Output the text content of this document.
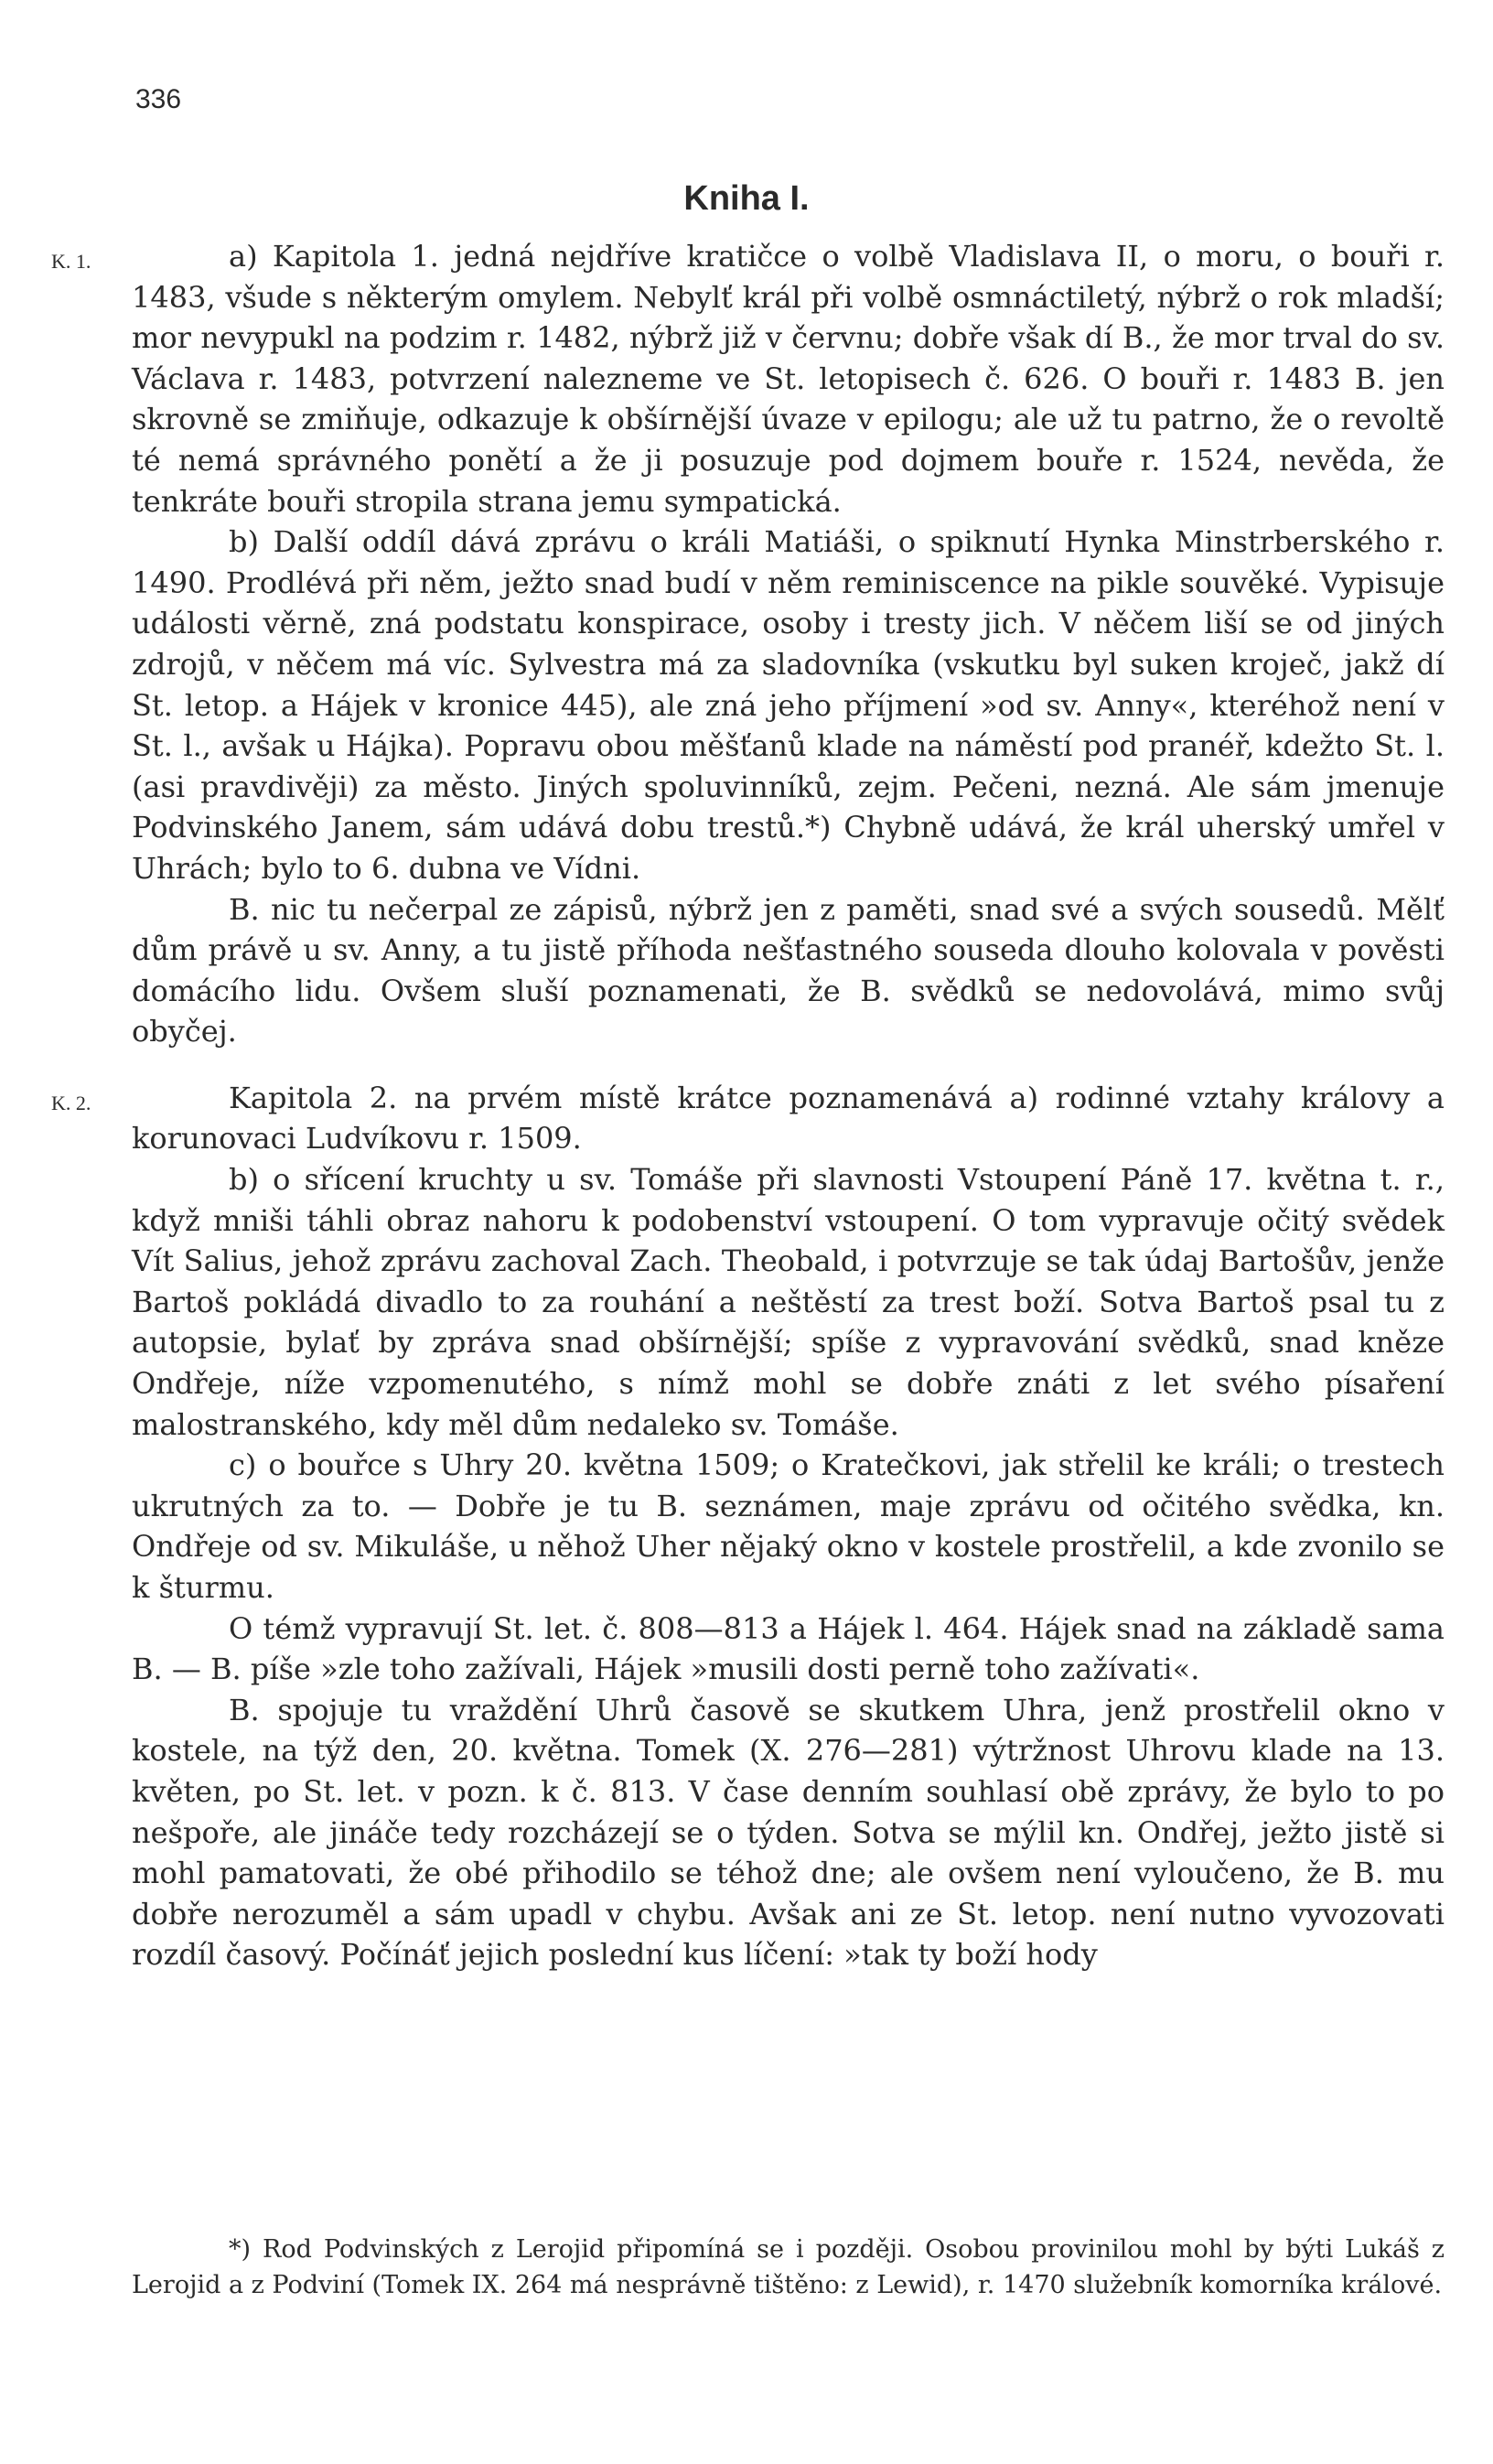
336
Kniha I.

K. 1.	a) Kapitola 1. jedná nejdříve kratičce o volbě Vladislava II, o moru, o bouři r. 1483, všude s některým omylem. Nebylť král při volbě osmnáctiletý, nýbrž o rok mladší; mor nevypukl na podzim r. 1482, nýbrž již v červnu; dobře však dí B., že mor trval do sv. Václava r. 1483, potvrzení nalezneme ve St. letopisech č. 626. O bouři r. 1483 B. jen skrovně se zmiňuje, odkazuje k obšírnější úvaze v epilogu; ale už tu patrno, že o revoltě té nemá správného ponětí a že ji posuzuje pod dojmem bouře r. 1524, nevěda, že tenkráte bouři stropila strana jemu sympatická.

b) Další oddíl dává zprávu o králi Matiáši, o spiknutí Hynka Minstrberského r. 1490. Prodlévá při něm, ježto snad budí v něm reminiscence na pikle souvěké. Vypisuje události věrně, zná podstatu konspirace, osoby i tresty jich. V něčem liší se od jiných zdrojů, v něčem má víc. Sylvestra má za sladovníka (vskutku byl suken kroječ, jakž dí St. letop. a Hájek v kronice 445), ale zná jeho příjmení »od sv. Anny«, kteréhož není v St. l., avšak u Hájka). Popravu obou měšťanů klade na náměstí pod pranéř, kdežto St. l. (asi pravdivěji) za město. Jiných spoluvinníků, zejm. Pečeni, nezná. Ale sám jmenuje Podvinského Janem, sám udává dobu trestů.*) Chybně udává, že král uherský umřel v Uhrách; bylo to 6. dubna ve Vídni.

B. nic tu nečerpal ze zápisů, nýbrž jen z paměti, snad své a svých sousedů. Mělť dům právě u sv. Anny, a tu jistě příhoda nešťastného souseda dlouho kolovala v pověsti domácího lidu. Ovšem sluší poznamenati, že B. svědků se nedovolává, mimo svůj obyčej.

K. 2.	Kapitola 2. na prvém místě krátce poznamenává a) rodinné vztahy královy a korunovaci Ludvíkovu r. 1509.

b) o sřícení kruchty u sv. Tomáše při slavnosti Vstoupení Páně 17. května t. r., když mniši táhli obraz nahoru k podobenství vstoupení. O tom vypravuje očitý svědek Vít Salius, jehož zprávu zachoval Zach. Theobald, i potvrzuje se tak údaj Bartošův, jenže Bartoš pokládá divadlo to za rouhání a neštěstí za trest boží. Sotva Bartoš psal tu z autopsie, bylať by zpráva snad obšírnější; spíše z vypravování svědků, snad kněze Ondřeje, níže vzpomenutého, s nímž mohl se dobře znáti z let svého písaření malostranského, kdy měl dům nedaleko sv. Tomáše.

c) o bouřce s Uhry 20. května 1509; o Kratečkovi, jak střelil ke králi; o trestech ukrutných za to. — Dobře je tu B. seznámen, maje zprávu od očitého svědka, kn. Ondřeje od sv. Mikuláše, u něhož Uher nějaký okno v kostele prostřelil, a kde zvonilo se k šturmu.

O témž vypravují St. let. č. 808—813 a Hájek l. 464. Hájek snad na základě sama B. — B. píše »zle toho zažívali, Hájek »musili dosti perně toho zažívati«.

B. spojuje tu vraždění Uhrů časově se skutkem Uhra, jenž prostřelil okno v kostele, na týž den, 20. května. Tomek (X. 276—281) výtržnost Uhrovu klade na 13. květen, po St. let. v pozn. k č. 813. V čase denním souhlasí obě zprávy, že bylo to po nešpoře, ale jináče tedy rozcházejí se o týden. Sotva se mýlil kn. Ondřej, ježto jistě si mohl pamatovati, že obé přihodilo se téhož dne; ale ovšem není vyloučeno, že B. mu dobře nerozuměl a sám upadl v chybu. Avšak ani ze St. letop. není nutno vyvozovati rozdíl časový. Počínáť jejich poslední kus líčení: »tak ty boží hody

*) Rod Podvinských z Lerojid připomíná se i později. Osobou provinilou mohl by býti Lukáš z Lerojid a z Podviní (Tomek IX. 264 má nesprávně tištěno: z Lewid), r. 1470 služebník komorníka králové.
